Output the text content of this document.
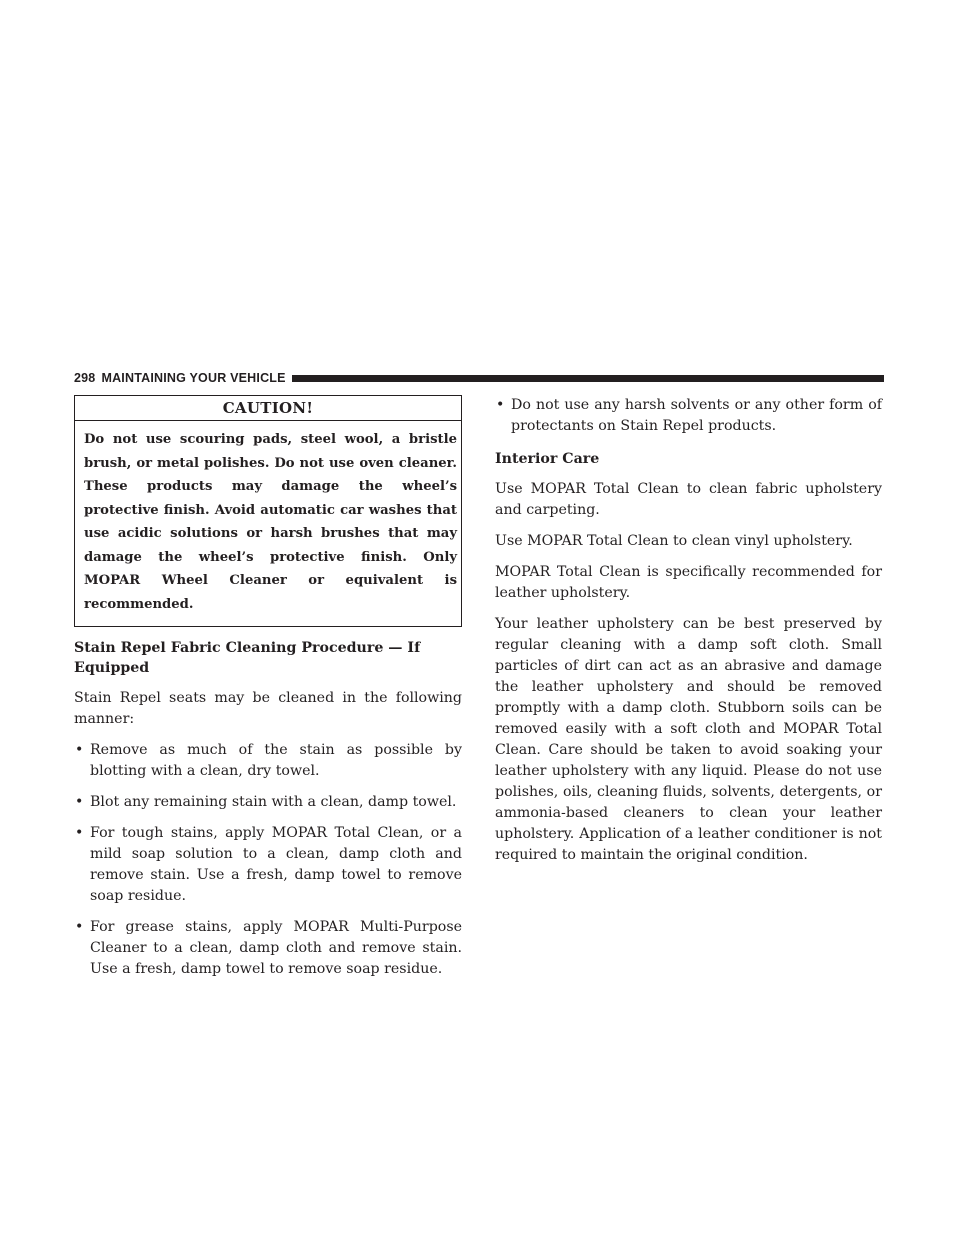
298 MAINTAINING YOUR VEHICLE
CAUTION!
Do not use scouring pads, steel wool, a bristle brush, or metal polishes. Do not use oven cleaner. These products may damage the wheel’s protective finish. Avoid automatic car washes that use acidic solutions or harsh brushes that may damage the wheel’s protective finish. Only MOPAR Wheel Cleaner or equivalent is recommended.
Stain Repel Fabric Cleaning Procedure — If Equipped

Stain Repel seats may be cleaned in the following manner:

• Remove as much of the stain as possible by blotting with a clean, dry towel.
• Blot any remaining stain with a clean, damp towel.
• For tough stains, apply MOPAR Total Clean, or a mild soap solution to a clean, damp cloth and remove stain. Use a fresh, damp towel to remove soap residue.
• For grease stains, apply MOPAR Multi-Purpose Cleaner to a clean, damp cloth and remove stain. Use a fresh, damp towel to remove soap residue.
• Do not use any harsh solvents or any other form of protectants on Stain Repel products.
Interior Care

Use MOPAR Total Clean to clean fabric upholstery and carpeting.

Use MOPAR Total Clean to clean vinyl upholstery.

MOPAR Total Clean is specifically recommended for leather upholstery.

Your leather upholstery can be best preserved by regular cleaning with a damp soft cloth. Small particles of dirt can act as an abrasive and damage the leather upholstery and should be removed promptly with a damp cloth. Stubborn soils can be removed easily with a soft cloth and MOPAR Total Clean. Care should be taken to avoid soaking your leather upholstery with any liquid. Please do not use polishes, oils, cleaning fluids, solvents, detergents, or ammonia-based cleaners to clean your leather upholstery. Application of a leather conditioner is not required to maintain the original condition.
